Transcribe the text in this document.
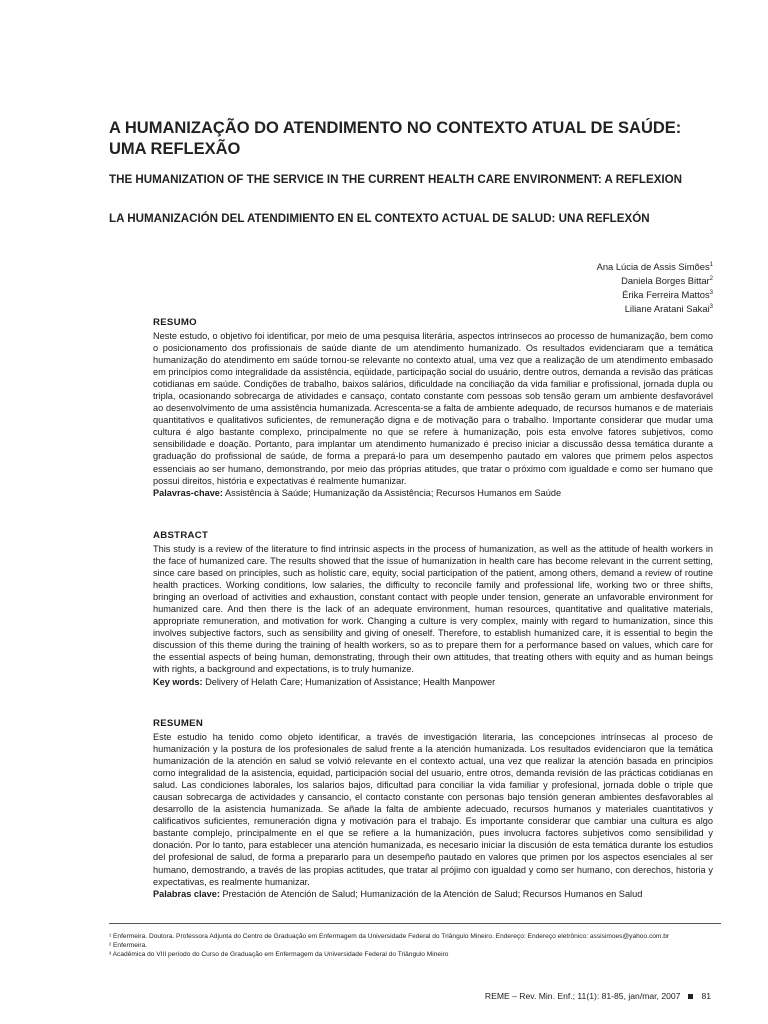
A HUMANIZAÇÃO DO ATENDIMENTO NO CONTEXTO ATUAL DE SAÚDE: UMA REFLEXÃO
THE HUMANIZATION OF THE SERVICE IN THE CURRENT HEALTH CARE ENVIRONMENT: A REFLEXION
LA HUMANIZACIÓN DEL ATENDIMIENTO EN EL CONTEXTO ACTUAL DE SALUD: UNA REFLEXÓN
Ana Lúcia de Assis Simões$^1$
Daniela Borges Bittar$^2$
Érika Ferreira Mattos$^3$
Liliane Aratani Sakai$^3$

RESUMO

Neste estudo, o objetivo foi identificar, por meio de uma pesquisa literária, aspectos intrínsecos ao processo de humanização, bem como o posicionamento dos profissionais de saúde diante de um atendimento humanizado. Os resultados evidenciaram que a temática humanização do atendimento em saúde tornou-se relevante no contexto atual, uma vez que a realização de um atendimento embasado em princípios como integralidade da assistência, eqüidade, participação social do usuário, dentre outros, demanda a revisão das práticas cotidianas em saúde. Condições de trabalho, baixos salários, dificuldade na conciliação da vida familiar e profissional, jornada dupla ou tripla, ocasionando sobrecarga de atividades e cansaço, contato constante com pessoas sob tensão geram um ambiente desfavorável ao desenvolvimento de uma assistência humanizada. Acrescenta-se a falta de ambiente adequado, de recursos humanos e de materiais quantitativos e qualitativos suficientes, de remuneração digna e de motivação para o trabalho. Importante considerar que mudar uma cultura é algo bastante complexo, principalmente no que se refere à humanização, pois esta envolve fatores subjetivos, como sensibilidade e doação. Portanto, para implantar um atendimento humanizado é preciso iniciar a discussão dessa temática durante a graduação do profissional de saúde, de forma a prepará-lo para um desempenho pautado em valores que primem pelos aspectos essenciais ao ser humano, demonstrando, por meio das próprias atitudes, que tratar o próximo com igualdade e como ser humano que possui direitos, história e expectativas é realmente humanizar.

Palavras-chave: Assistência à Saúde; Humanização da Assistência; Recursos Humanos em Saúde

ABSTRACT

This study is a review of the literature to find intrinsic aspects in the process of humanization, as well as the attitude of health workers in the face of humanized care. The results showed that the issue of humanization in health care has become relevant in the current setting, since care based on principles, such as holistic care, equity, social participation of the patient, among others, demand a review of routine health practices. Working conditions, low salaries, the difficulty to reconcile family and professional life, working two or three shifts, bringing an overload of activities and exhaustion, constant contact with people under tension, generate an unfavorable environment for humanized care. And then there is the lack of an adequate environment, human resources, quantitative and qualitative materials, appropriate remuneration, and motivation for work. Changing a culture is very complex, mainly with regard to humanization, since this involves subjective factors, such as sensibility and giving of oneself. Therefore, to establish humanized care, it is essential to begin the discussion of this theme during the training of health workers, so as to prepare them for a performance based on values, which care for the essential aspects of being human, demonstrating, through their own attitudes, that treating others with equity and as human beings with rights, a background and expectations, is to truly humanize.

Key words: Delivery of Helath Care; Humanization of Assistance; Health Manpower

RESUMEN

Este estudio ha tenido como objeto identificar, a través de investigación literaria, las concepciones intrínsecas al proceso de humanización y la postura de los profesionales de salud frente a la atención humanizada. Los resultados evidenciaron que la temática humanización de la atención en salud se volvió relevante en el contexto actual, una vez que realizar la atención basada en principios como integralidad de la asistencia, equidad, participación social del usuario, entre otros, demanda revisión de las prácticas cotidianas en salud. Las condiciones laborales, los salarios bajos, dificultad para conciliar la vida familiar y profesional, jornada doble o triple que causan sobrecarga de actividades y cansancio, el contacto constante con personas bajo tensión generan ambientes desfavorables al desarrollo de la asistencia humanizada. Se añade la falta de ambiente adecuado, recursos humanos y materiales cuantitativos y calificativos suficientes, remuneración digna y motivación para el trabajo. Es importante considerar que cambiar una cultura es algo bastante complejo, principalmente en el que se refiere a la humanización, pues involucra factores subjetivos como sensibilidad y donación. Por lo tanto, para establecer una atención humanizada, es necesario iniciar la discusión de esta temática durante los estudios del profesional de salud, de forma a prepararlo para un desempeño pautado en valores que primen por los aspectos esenciales al ser humano, demostrando, a través de las propias actitudes, que tratar al prójimo con igualdad y como ser humano, con derechos, historia y expectativas, es realmente humanizar.

Palabras clave: Prestación de Atención de Salud; Humanización de la Atención de Salud; Recursos Humanos en Salud

¹ Enfermeira. Doutora. Professora Adjunta do Centro de Graduação em Enfermagem da Universidade Federal do Triângulo Mineiro. Endereço: Endereço eletrônico: assisimoes@yahoo.com.br

² Enfermeira.

³ Acadêmica do VIII período do Curso de Graduação em Enfermagem da Universidade Federal do Triângulo Mineiro

REME – Rev. Min. Enf.; 11(1): 81-85, jan/mar, 2007 81
